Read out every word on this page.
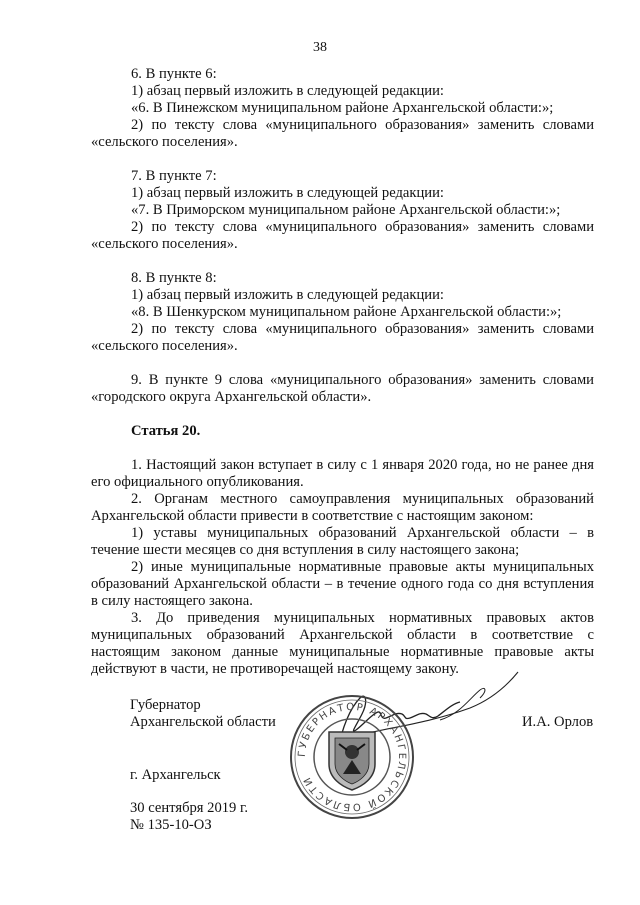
38

6. В пункте 6:

1) абзац первый изложить в следующей редакции:

«6. В Пинежском муниципальном районе Архангельской области:»;

2) по тексту слова «муниципального образования» заменить словами «сельского поселения».

7. В пункте 7:

1) абзац первый изложить в следующей редакции:

«7. В Приморском муниципальном районе Архангельской области:»;

2) по тексту слова «муниципального образования» заменить словами «сельского поселения».

8. В пункте 8:

1) абзац первый изложить в следующей редакции:

«8. В Шенкурском муниципальном районе Архангельской области:»;

2) по тексту слова «муниципального образования» заменить словами «сельского поселения».

9. В пункте 9 слова «муниципального образования» заменить словами «городского округа Архангельской области».

Статья 20.

1. Настоящий закон вступает в силу с 1 января 2020 года, но не ранее дня его официального опубликования.

2. Органам местного самоуправления муниципальных образований Архангельской области привести в соответствие с настоящим законом:

1) уставы муниципальных образований Архангельской области – в течение шести месяцев со дня вступления в силу настоящего закона;

2) иные муниципальные нормативные правовые акты муниципальных образований Архангельской области – в течение одного года со дня вступления в силу настоящего закона.

3. До приведения муниципальных нормативных правовых актов муниципальных образований Архангельской области в соответствие с настоящим законом данные муниципальные нормативные правовые акты действуют в части, не противоречащей настоящему закону.

Губернатор
Архангельской области	И.А. Орлов
г. Архангельск
30 сентября 2019 г.
№ 135-10-ОЗ
ГУБЕРНАТОР АРХАНГЕЛЬСКОЙ ОБЛАСТИ
